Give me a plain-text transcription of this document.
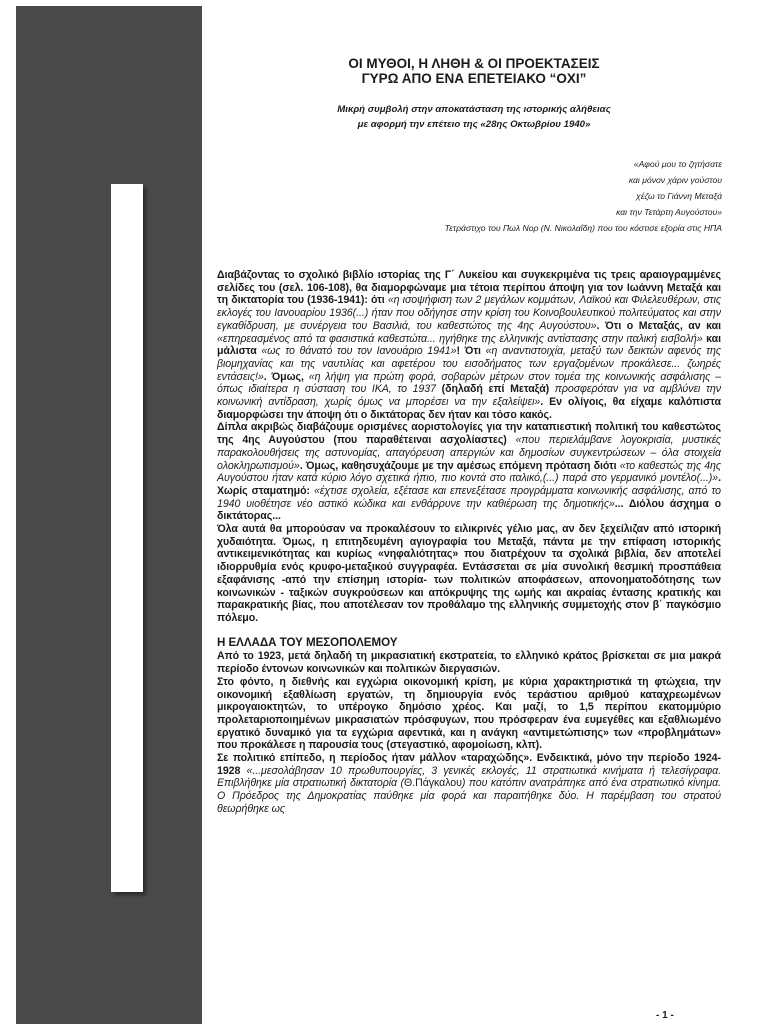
ΟΙ ΜΥΘΟΙ, Η ΛΗΘΗ & ΟΙ ΠΡΟΕΚΤΑΣΕΙΣ
ΓΥΡΩ ΑΠΟ ΕΝΑ ΕΠΕΤΕΙΑΚΟ “ΟΧΙ”
Μικρή συμβολή στην αποκατάσταση της ιστορικής αλήθειας
με αφορμή την επέτειο της «28ης Οκτωβρίου 1940»
«Αφού μου το ζητήσατε
και μόνον χάριν γούστου
χέζω το Γιάννη Μεταξά
και την Τετάρτη Αυγούστου»
Τετράστιχο του Πωλ Νορ (Ν. Νικολαΐδη) που του κόστισε εξορία στις ΗΠΑ

Διαβάζοντας το σχολικό βιβλίο ιστορίας της Γ΄ Λυκείου και συγκεκριμένα τις τρεις αραιογραμμένες σελίδες του (σελ. 106-108), θα διαμορφώναμε μια τέτοια περίπου άποψη για τον Ιωάννη Μεταξά και τη δικτατορία του (1936-1941): ότι «η ισοψήφιση των 2 μεγάλων κομμάτων, Λαϊκού και Φιλελευθέρων, στις εκλογές του Ιανουαρίου 1936(...) ήταν που οδήγησε στην κρίση του Κοινοβουλευτικού πολιτεύματος και στην εγκαθίδρυση, με συνέργεια του Βασιλιά, του καθεστώτος της 4ης Αυγούστου». Ότι ο Μεταξάς, αν και «επηρεασμένος από τα φασιστικά καθεστώτα... ηγήθηκε της ελληνικής αντίστασης στην ιταλική εισβολή» και μάλιστα «ως το θάνατό του τον Ιανουάριο 1941»! Ότι «η αναντιστοιχία, μεταξύ των δεικτών αφενός της βιομηχανίας και της ναυτιλίας και αφετέρου του εισοδήματος των εργαζομένων προκάλεσε... ζωηρές εντάσεις!». Όμως, «η λήψη για πρώτη φορά, σοβαρών μέτρων στον τομέα της κοινωνικής ασφάλισης – όπως ιδιαίτερα η σύσταση του ΙΚΑ, το 1937 (δηλαδή επί Μεταξά) προσφερόταν για να αμβλύνει την κοινωνική αντίδραση, χωρίς όμως να μπορέσει να την εξαλείψει». Εν ολίγοις, θα είχαμε καλόπιστα διαμορφώσει την άποψη ότι ο δικτάτορας δεν ήταν και τόσο κακός.

Δίπλα ακριβώς διαβάζουμε ορισμένες αοριστολογίες για την καταπιεστική πολιτική του καθεστώτος της 4ης Αυγούστου (που παραθέτειναι ασχολίαστες) «που περιελάμβανε λογοκρισία, μυστικές παρακολουθήσεις της αστυνομίας, απαγόρευση απεργιών και δημοσίων συγκεντρώσεων – όλα στοιχεία ολοκληρωτισμού». Όμως, καθησυχάζουμε με την αμέσως επόμενη πρόταση διότι «το καθεστώς της 4ης Αυγούστου ήταν κατά κύριο λόγο σχετικά ήπιο, πιο κοντά στο ιταλικό,(...) παρά στο γερμανικό μοντέλο(...)». Χωρίς σταματημό: «έχτισε σχολεία, εξέτασε και επενεξέτασε προγράμματα κοινωνικής ασφάλισης, από το 1940 υιοθέτησε νέο αστικό κώδικα και ενθάρρυνε την καθιέρωση της δημοτικής»... Διόλου άσχημα ο δικτάτορας...

Όλα αυτά θα μπορούσαν να προκαλέσουν το ειλικρινές γέλιο μας, αν δεν ξεχείλιζαν από ιστορική χυδαιότητα. Όμως, η επιτηδευμένη αγιογραφία του Μεταξά, πάντα με την επίφαση ιστορικής αντικειμενικότητας και κυρίως «νηφαλιότητας» που διατρέχουν τα σχολικά βιβλία, δεν αποτελεί ιδιορρυθμία ενός κρυφο-μεταξικού συγγραφέα. Εντάσσεται σε μία συνολική θεσμική προσπάθεια εξαφάνισης -από την επίσημη ιστορία- των πολιτικών αποφάσεων, απονοηματοδότησης των κοινωνικών - ταξικών συγκρούσεων και απόκρυψης της ωμής και ακραίας έντασης κρατικής και παρακρατικής βίας, που αποτέλεσαν τον προθάλαμο της ελληνικής συμμετοχής στον β΄ παγκόσμιο πόλεμο.

Η ΕΛΛΑΔΑ ΤΟΥ ΜΕΣΟΠΟΛΕΜΟΥ

Από το 1923, μετά δηλαδή τη μικρασιατική εκστρατεία, το ελληνικό κράτος βρίσκεται σε μια μακρά περίοδο έντονων κοινωνικών και πολιτικών διεργασιών.

Στο φόντο, η διεθνής και εγχώρια οικονομική κρίση, με κύρια χαρακτηριστικά τη φτώχεια, την οικονομική εξαθλίωση εργατών, τη δημιουργία ενός τεράστιου αριθμού καταχρεωμένων μικρογαιοκτητών, το υπέρογκο δημόσιο χρέος. Και μαζί, το 1,5 περίπου εκατομμύριο προλεταριοποιημένων μικρασιατών πρόσφυγων, που πρόσφεραν ένα ευμεγέθες και εξαθλιωμένο εργατικό δυναμικό για τα εγχώρια αφεντικά, και η ανάγκη «αντιμετώπισης» των «προβλημάτων» που προκάλεσε η παρουσία τους (στεγαστικό, αφομοίωση, κλπ).

Σε πολιτικό επίπεδο, η περίοδος ήταν μάλλον «ταραχώδης». Ενδεικτικά, μόνο την περίοδο 1924-1928 «...μεσολάβησαν 10 πρωθυπουργίες, 3 γενικές εκλογές, 11 στρατιωτικά κινήματα ή τελεσίγραφα. Επιβλήθηκε μία στρατιωτική δικτατορία (Θ.Πάγκαλου) που κατόπιν ανατράπηκε από ένα στρατιωτικό κίνημα. Ο Πρόεδρος της Δημοκρατίας παύθηκε μία φορά και παραιτήθηκε δύο. Η παρέμβαση του στρατού θεωρήθηκε ως

- 1 -
